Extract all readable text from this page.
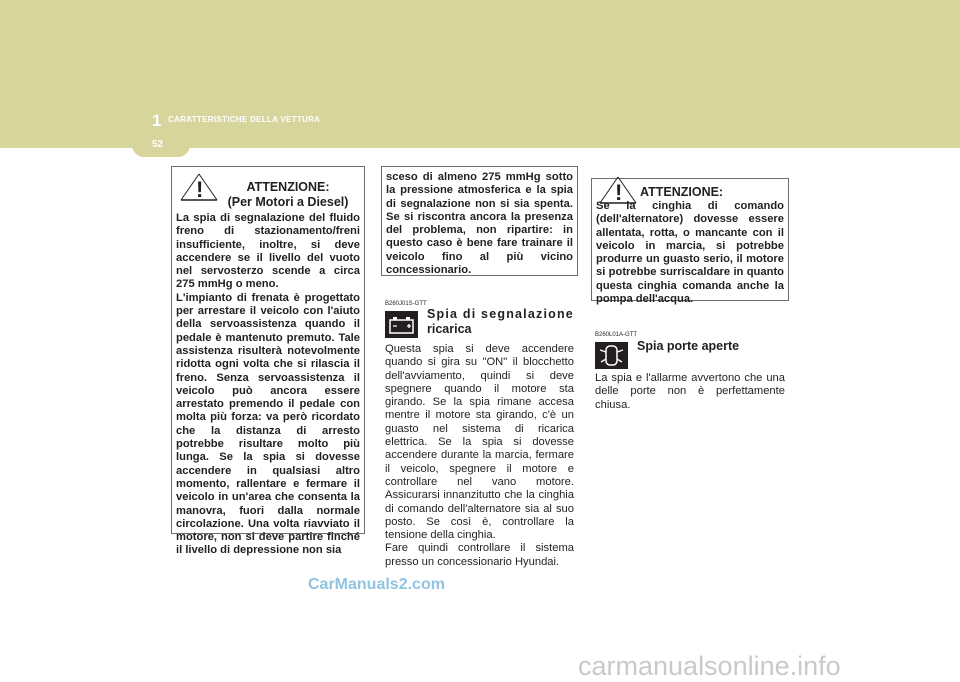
1 CARATTERISTICHE DELLA VETTURA
52
!	ATTENZIONE:
(Per Motori a Diesel)

La spia di segnalazione del fluido freno di stazionamento/freni insufficiente, inoltre, si deve accendere se il livello del vuoto nel servosterzo scende a circa 275 mmHg o meno.

L'impianto di frenata è progettato per arrestare il veicolo con l'aiuto della servoassistenza quando il pedale è mantenuto premuto. Tale assistenza risulterà notevolmente ridotta ogni volta che si rilascia il freno. Senza servoassistenza il veicolo può ancora essere arrestato premendo il pedale con molta più forza: va però ricordato che la distanza di arresto potrebbe risultare molto più lunga. Se la spia si dovesse accendere in qualsiasi altro momento, rallentare e fermare il veicolo in un'area che consenta la manovra, fuori dalla normale circolazione. Una volta riavviato il motore, non si deve partire finché il livello di depressione non sia

sceso di almeno 275 mmHg sotto la pressione atmosferica e la spia di segnalazione non si sia spenta. Se si riscontra ancora la presenza del problema, non ripartire: in questo caso è bene fare trainare il veicolo fino al più vicino concessionario.

B260J01S-GTT
Spia di segnalazione
ricarica

Questa spia si deve accendere quando si gira su "ON" il blocchetto dell'avviamento, quindi si deve spegnere quando il motore sta girando. Se la spia rimane accesa mentre il motore sta girando, c'è un guasto nel sistema di ricarica elettrica. Se la spia si dovesse accendere durante la marcia, fermare il veicolo, spegnere il motore e controllare nel vano motore. Assicurarsi innanzitutto che la cinghia di comando dell'alternatore sia al suo posto. Se così è, controllare la tensione della cinghia.
Fare quindi controllare il sistema presso un concessionario Hyundai.

!	ATTENZIONE:

Se la cinghia di comando (dell'alternatore) dovesse essere allentata, rotta, o mancante con il veicolo in marcia, si potrebbe produrre un guasto serio, il motore si potrebbe surriscaldare in quanto questa cinghia comanda anche la pompa dell'acqua.

B260L01A-GTT
Spia porte aperte

La spia e l'allarme avvertono che una delle porte non è perfettamente chiusa.

CarManuals2.com
carmanualsonline.info
